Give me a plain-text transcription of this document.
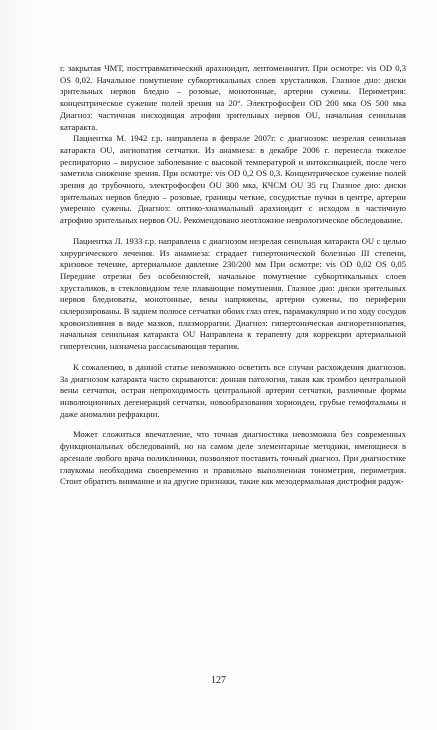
г. закрытая ЧМТ, посттравматический арахноидит, лептоменингит. При осмотре: vis OD 0,3 OS 0,02. Начальное помутнение субкортикальных слоев хрусталиков. Глазное дно: диски зрительных нервов бледно – розовые, монотонные, артерии сужены. Периметрия: концентрическое сужение полей зрения на 20°. Электрофосфен OD 200 мка OS 500 мка Диагноз: частичная нисходящая атрофия зрительных нервов OU, начальная сенильная катаракта.

Пациентка М. 1942 г.р. направлена в феврале 2007г. с диагнозом: незрелая сенильная катаракта OU, ангиопатия сетчатки. Из анамнеза: в декабре 2006 г. перенесла тяжелое респираторно – вирусное заболевание с высокой температурой и интоксикацией, после чего заметила снижение зрения. При осмотре: vis OD 0,2 OS 0,3. Концентрическое сужение полей зрения до трубочного, электрофосфен OU 300 мка, КЧСМ OU 35 гц Глазное дно: диски зрительных нервов бледно – розовые, границы четкие, сосудистые пучки в центре, артерии умеренно сужены. Диагноз: оптико-хиазмальный арахноидит с исходом в частичную атрофию зрительных нервов OU. Рекомендовано неотложное неврологическое обследование.

Пациентка Л. 1933 г.р. направлена с диагнозом незрелая сенильная катаракта OU с целью хирургического лечения. Из анамнеза: страдает гипертонической болезнью III степени, кризовое течение, артериальное давление 230/200 мм При осмотре: vis OD 0,02 OS 0,05 Передние отрезки без особенностей, начальное помутнение субкортикальных слоев хрусталиков, в стекловидном теле плавающие помутнения. Глазное дно: диски зрительных нервов бледноваты, монотонные, вены напряжены, артерии сужены, по периферии склерозированы. В заднем полюсе сетчатки обоих глаз отек, парамакулярно и по ходу сосудов кровоизлияния в виде мазков, плазморрагии. Диагноз: гипертоническая ангиоретинопатия, начальная сенильная катаракта OU Направлена к терапевту для коррекции артериальной гипертензии, назначена рассасывающая терапия.

К сожалению, в данной статье невозможно осветить все случаи расхождения диагнозов. За диагнозом катаракта часто скрываются: донная патология, такая как тромбоз центральной вены сетчатки, острая непроходимость центральной артерии сетчатки, различные формы инволюционных дегенераций сетчатки, новообразования хориоидеи, грубые гемофтальмы и даже аномалии рефракции.

Может сложиться впечатление, что точная диагностика невозможна без современных функциональных обследований, но на самом деле элементарные методики, имеющиеся в арсенале любого врача поликлиники, позволяют поставить точный диагноз. При диагностике глаукомы необходима своевременно и правильно выполненная тонометрия, периметрия. Стоит обратить внимание и на другие признаки, такие как мезодермальная дистрофия радуж-

127
